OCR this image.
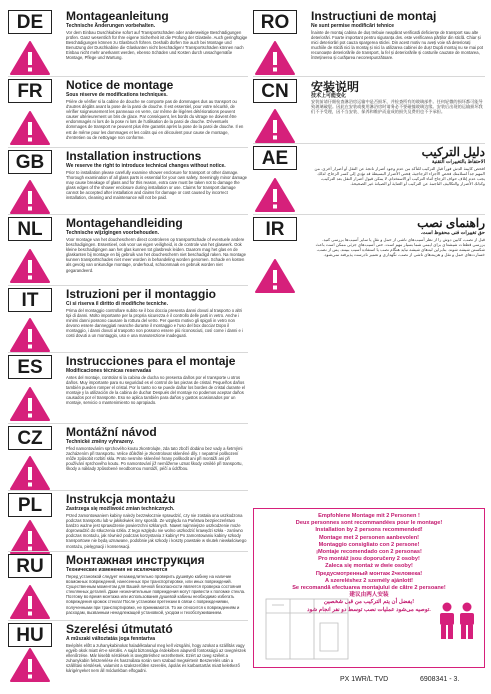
DE	Montageanleitung
Technische Änderungen vorbehalten.
Vor dem Einbau Duschkabine sofort auf Transportschäden oder anderweitige Beschädigungen prüfen. Ganz wesentlich für Ihre eigene Sicherheit ist die Prüfung der Glasteile. Auch geringfügige Beschädigungen können zu Glasbruch führen. Deshalb dürfen Sie auch bei Montage und Benutzung der Duschkabine die Glaskanten nicht beschädigen! Transportschäden können nach Einbau nicht mehr anerkannt werden, ebenso Schäden und Kosten durch unsachgemäße Montage, Pflege und Wartung.
FR	Notice de montage
Sous réserve de modifications techniques.
Prière de vérifier si la cabine de douche ne comporte pas de dommages dus au transport ou d'autres dégâts avant la pose de la paroi de douche. Il est essentiel, pour votre sécurité, de vérifier soigneusement les panneaux en verre, car même de légères détériorations peuvent causer ultérieurement un bris de glace. Par conséquent, les bords du vitrage ne doivent être endommagés ni lors de la pose ni lors de l'utilisation de la paroi de douche. D'éventuels dommages de transport ne peuvent plus être garantis après la pose de la paroi de douche. Il en est de même pour les dommages et les coûts qui en découlent pour cause de montage, d'entretien ou de nettoyage non conforme.
GB	Installation instructions
We reserve the right to introduce technical changes without notice.
Prior to installation please carefully examine shower enclosure for transport or other damage. Thorough examination of all glass parts is essential for your own safety. Seemingly minor damage may cause breakage of glass and for this reason, extra care must be taken not to damage the glass edges of the shower enclosure during installation or use. Claims for transport damage cannot be accepted after installation and claims for damage or cost caused by incorrect installation, cleaning and maintenance will not be paid.
NL	Montagehandleiding
Technische wijzigingen voorbehouden.
Voor montage van het douchescherm direct controleren op transportschade of eventuele andere beschadigingen. Essentieel, ook voor uw eigen veiligheid, is de controle van het glaswerk. Ook kleine beschadigingen aan het glas kunnen tot glasbreuk leiden. Daarom mag het glas en de glaskanten bij montage en bij gebruik van het douchescherm niet beschadigd raken. Na montage kunnen transportschades niet meer worden in behandeling worden genomen. Schade en kosten als gevolg van onkundige montage, onderhoud, schoonmaak en gebruik worden niet gegarandeerd.
IT	Istruzioni per il montaggio
Ci si riserva il diritto di modifiche tecniche.
Prima del montaggio controllare subito se il box doccia presenta danni dovuti al trasporto o altri tipi di danni. Molto importante per la propria sicurezza è il controllo delle parti in vetro. Anche i minimi danni possono causare la rottura del vetro. Per questo motivo gli spigoli in vetro non devono essere danneggiati neanche durante il montaggio e l'uso del box doccia! Dopo il montaggio, i danni dovuti al trasporto non possono essere più riconosciuti, così come i danni e i costi dovuti a un montaggio, uso e una manutenzione inadeguati.
ES	Instrucciones para el montaje
Modificaciones técnicas reservadas
Antes del montaje, controlar si la cabina de ducha no presenta daños por el transporte u otros daños. Muy importante para su seguridad es el control de las piezas de cristal. Pequeños daños también pueden romper el cristal. Por lo tanto no se puede dañar los bordes de cristal durante el montaje y la utilización de la cabina de ducha! Después del montaje no podemos aceptar daños causados por el transporte. Eso se aplica también para daños y gastos ocasionados por un montaje, servicio o mantenimiento no apropiado.
CZ	Montážní návod
Technické změny vyhrazeny.
Před namontováním sprchového koutu zkontrolujte, zda tato zboží dodáno bez vady a šetrnými zacházením při transportu. Velice důležité je zkontrolovat skleněné díly. I nepatrné poškození může způsobit rozbití skla. Proto nesmíte skleněné hrany poškodit ani při montáži ani při používání sprchového koutu. Po namontování již nemůžeme uznat škody vzniklé při transportu, škody a náklady způsobené neodbornou montáží, péčí a údržbou.
PL	Instrukcja montażu
Zastrzega się możliwość zmian technicznych.
Przed zamontowaniem kabiny należy bezzwłocznie sprawdzić, czy nie została ona uszkodzona podczas transportu lub w jakikolwiek inny sposób. Ze względu na Państwa bezpieczeństwo bardzo ważne jest sprawdzenie powierzchni szklanych. Nawet najmniejsze uszkodzenie może doprowadzić do stłuczenia szkła. Z tego względu nie wolno uszkodzić krawędzi szkła - zarówno podczas montażu, jak również podczas korzystania z kabiny! Po zamontowaniu kabiny szkody transportowe nie będą uznawane, podobnie jak szkody i koszty powstałe w skutek niewłaściwego montażu, pielęgnacji i konserwacji.
RU	Монтажная инструкция
Технические изменения не исключаются
Перед установкой следует незамедлительно проверить душевую кабину на наличие возможных повреждений, нанесенных при транспортировке, или иных повреждений. Существенным моментом для Вашей личной безопасности является проверка состояния стеклянных деталей. Даже незначительные повреждения могут привести к поломке стекла. Поэтому во время монтажа или использования душевой кабины необходимо избегать повреждения кромок стекла! После установки претензии в связи с повреждениями, полученными при транспортировке, не принимаются. То же относится к повреждениям и расходам, вызванным ненадлежащей установкой, уходом и техобслуживанием.
HU	Szerelési útmutató
A műszaki változtatás joga fenntartva
Beépítés előtt a zuhanykabinokat haladéktalanul meg kell vizsgálni, hogy azokat a szállítás vagy egyéb okok miatt ért-e sérülés. A saját biztonsága érdekében alapvető fontosságú az üvegrészek ellenőrzése. Már kisebb sérülések is üvegtöréshez vezethetnek. Ezért az üveg széleit a zuhanykabin felszerelése és használata során sem szabad megsérteni! Beszerelés után a szállítási sérülések, valamint a szakszerűtlen szerelés, ápolás és karbantartás miatt keletkező kárigényeket nem áll módunkban elfogadni.
RO	Instrucțiuni de montaj
Ne sunt permise modificări tehnice
Înainte de montaj cabina de duș trebuie neapărat verificată deficiențe de transport sau alte deteriorări. Foarte important pentru siguranța dvs. este verificarea părților din sticlă. Chiar și mici deteriorări pot cauza spargerea sticlei. Din acest motiv nu aveți voie să deteriorați muchiile de sticlă nici la montaj și nici la utilizarea cabinei de duș! După montaj nu se mai pot recunoaște deteriorările de transport, la fel și deteriorările și costurile cauzate de montarea, întreținerea și curățarea necorespunzătoare.
CN	安装说明
技术上可能变化
安装前请仔细检查淋浴房运输中是否损坏，并检查所有的玻璃部件。任何轻微的损坏都可能导致玻璃破裂。因此在安装或使用淋浴房时请务必不要碰撞玻璃边缘。安装后出现的运输损坏我们不予受理，因不当安装、保养和维护而造成的损失及费用也不予承担。
AE	دليل التركيب
الاحتفاظ بالتغييرات التقنية
افحص كابينة الدش فوراً قبل التركيب للتأكد من عدم وجود أضرار ناتجة عن النقل أو أضرار أخرى. من المهم جداً لسلامتك فحص الأجزاء الزجاجية، فحتى الأضرار البسيطة قد تؤدي إلى كسر الزجاج. لذلك يجب عدم إتلاف حواف الزجاج أثناء التركيب أو الاستخدام. لا يمكن قبول أضرار النقل بعد التركيب، وكذلك الأضرار والتكاليف الناجمة عن التركيب أو العناية أو الصيانة غير الصحيحة.
IR	راهنمای نصب
حق تغییرات فنی محفوظ است.
قبل از نصب، کابین دوش را از نظر آسیب‌های ناشی از حمل و نقل یا سایر آسیب‌ها بررسی کنید. بررسی قطعات شیشه‌ای برای ایمنی شما بسیار مهم است. حتی آسیب‌های جزئی ممکن است باعث شکستن شیشه شوند. بنابراین لبه‌های شیشه نباید هنگام نصب یا استفاده آسیب ببینند. پس از نصب، خسارت‌های حمل و نقل و هزینه‌های ناشی از نصب، نگهداری و تعمیر نادرست پذیرفته نمی‌شود.
Empfohlene Montage mit 2 Personen !
Deux personnes sont recommandées pour le montage!
Installation by 2 persons recommended!
Montage met 2 personen aanbevolen!
Montaggio consigliato con 2 persone!
¡Montaje recomendado con 2 personas!
Pro montáž jsou doporučeny 2 osoby!
Zaleca się montaż w dwie osoby!
Предусмотренный монтаж 2человека!
A szereléshez 2 személy ajánlott!
Se recomandă efectuarea montajului de către 2 persoane!
建议由两人安装
يفضل أن يتم التركيب من قبل شخصين!
توصیه می‌شود عملیات نصب توسط دو نفر انجام شود.
PX 1WR/L TVD	6908341 - 3.
